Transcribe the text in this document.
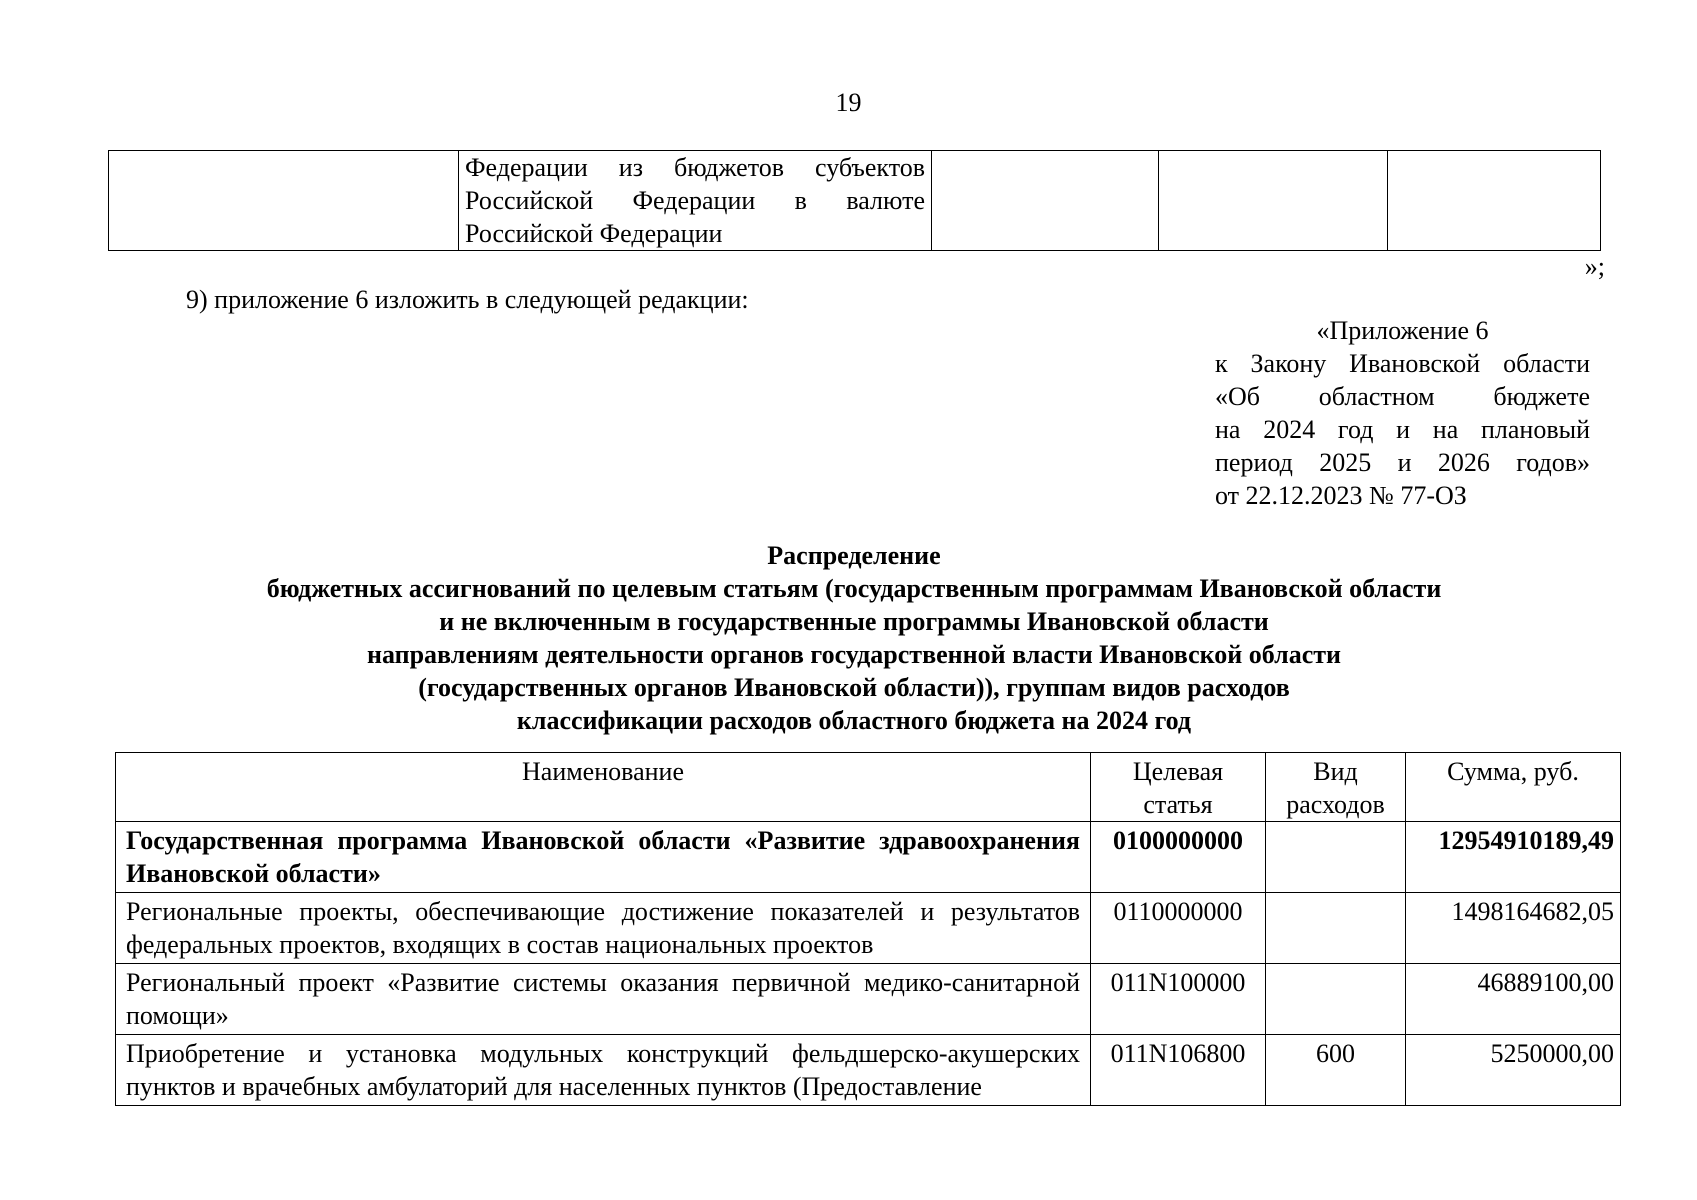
19
	Федерации из бюджетов субъектов Российской Федерации в валюте Российской Федерации			
»;
9) приложение 6 изложить в следующей редакции:
«Приложение 6
к Закону Ивановской области
«Об областном бюджете
на 2024 год и на плановый
период 2025 и 2026 годов»
от 22.12.2023 № 77-ОЗ
Распределение
бюджетных ассигнований по целевым статьям (государственным программам Ивановской области
и не включенным в государственные программы Ивановской области
направлениям деятельности органов государственной власти Ивановской области
(государственных органов Ивановской области)), группам видов расходов
классификации расходов областного бюджета на 2024 год
Наименование	Целевая статья	Вид расходов	Сумма, руб.
Государственная программа Ивановской области «Развитие здравоохранения Ивановской области»	0100000000		12954910189,49
Региональные проекты, обеспечивающие достижение показателей и результатов федеральных проектов, входящих в состав национальных проектов	0110000000		1498164682,05
Региональный проект «Развитие системы оказания первичной медико-санитарной помощи»	011N100000		46889100,00
Приобретение и установка модульных конструкций фельдшерско-акушерских пунктов и врачебных амбулаторий для населенных пунктов (Предоставление	011N106800	600	5250000,00
